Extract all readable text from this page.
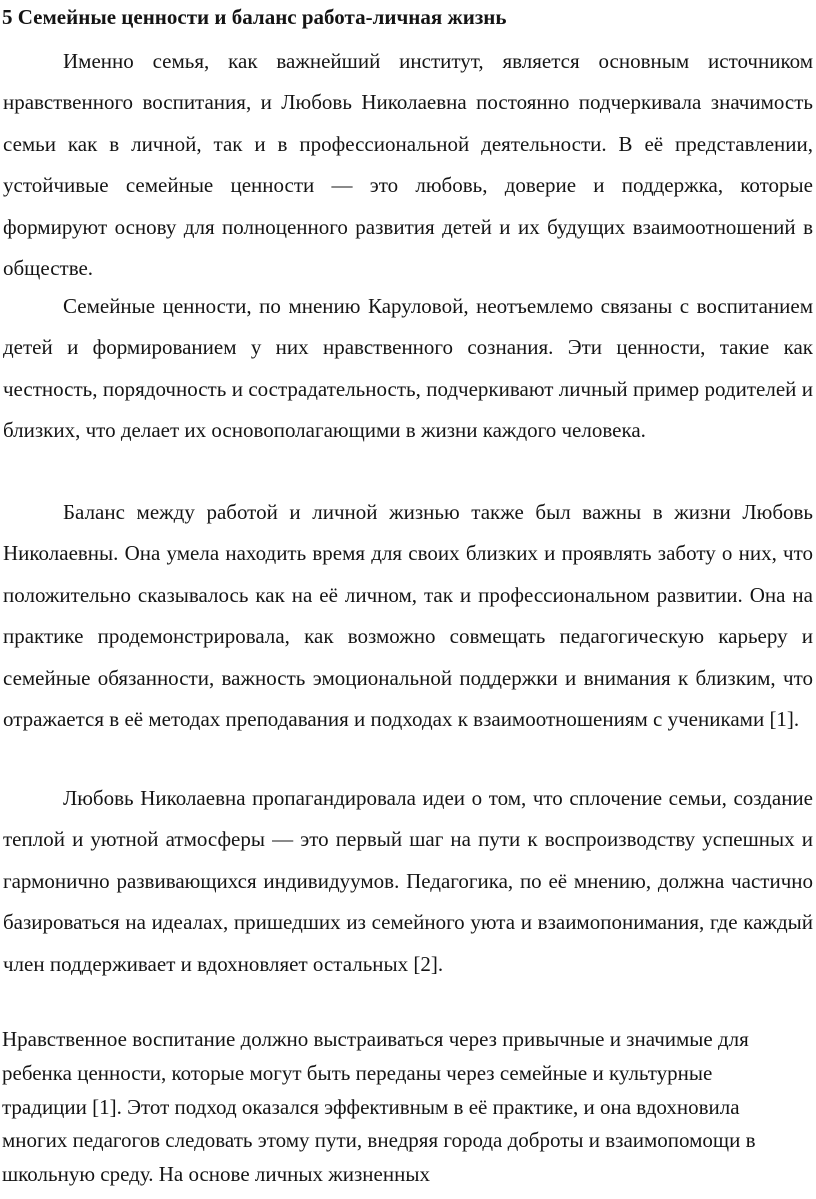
5 Семейные ценности и баланс работа-личная жизнь

Именно семья, как важнейший институт, является основным источником нравственного воспитания, и Любовь Николаевна постоянно подчеркивала значимость семьи как в личной, так и в профессиональной деятельности. В её представлении, устойчивые семейные ценности — это любовь, доверие и поддержка, которые формируют основу для полноценного развития детей и их будущих взаимоотношений в обществе.

Семейные ценности, по мнению Каруловой, неотъемлемо связаны с воспитанием детей и формированием у них нравственного сознания. Эти ценности, такие как честность, порядочность и сострадательность, подчеркивают личный пример родителей и близких, что делает их основополагающими в жизни каждого человека.

Баланс между работой и личной жизнью также был важны в жизни Любовь Николаевны. Она умела находить время для своих близких и проявлять заботу о них, что положительно сказывалось как на её личном, так и профессиональном развитии. Она на практике продемонстрировала, как возможно совмещать педагогическую карьеру и семейные обязанности, важность эмоциональной поддержки и внимания к близким, что отражается в её методах преподавания и подходах к взаимоотношениям с учениками [1].

Любовь Николаевна пропагандировала идеи о том, что сплочение семьи, создание теплой и уютной атмосферы — это первый шаг на пути к воспроизводству успешных и гармонично развивающихся индивидуумов. Педагогика, по её мнению, должна частично базироваться на идеалах, пришедших из семейного уюта и взаимопонимания, где каждый член поддерживает и вдохновляет остальных [2].

Нравственное воспитание должно выстраиваться через привычные и значимые для ребенка ценности, которые могут быть переданы через семейные и культурные традиции [1]. Этот подход оказался эффективным в её практике, и она вдохновила многих педагогов следовать этому пути, внедряя города доброты и взаимопомощи в школьную среду. На основе личных жизненных
